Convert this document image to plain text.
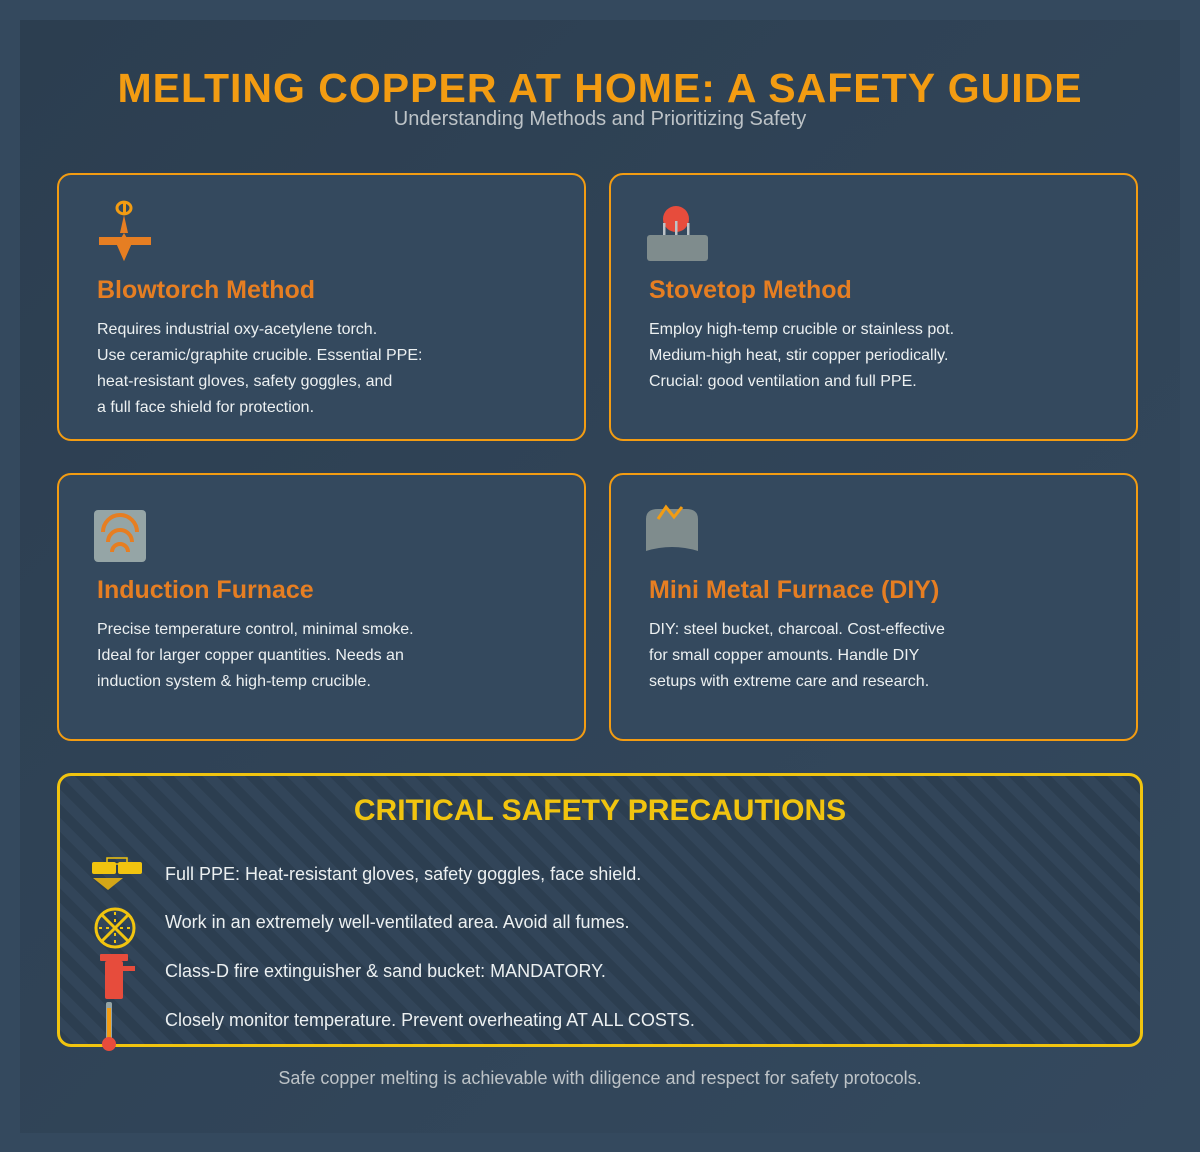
MELTING COPPER AT HOME: A SAFETY GUIDE
Understanding Methods and Prioritizing Safety
Blowtorch Method

Requires industrial oxy-acetylene torch.
Use ceramic/graphite crucible. Essential PPE:
heat-resistant gloves, safety goggles, and
a full face shield for protection.

Stovetop Method

Employ high-temp crucible or stainless pot.
Medium-high heat, stir copper periodically.
Crucial: good ventilation and full PPE.

Induction Furnace

Precise temperature control, minimal smoke.
Ideal for larger copper quantities. Needs an
induction system & high-temp crucible.

Mini Metal Furnace (DIY)

DIY: steel bucket, charcoal. Cost-effective
for small copper amounts. Handle DIY
setups with extreme care and research.

CRITICAL SAFETY PRECAUTIONS
Full PPE: Heat-resistant gloves, safety goggles, face shield.
Work in an extremely well-ventilated area. Avoid all fumes.
Class-D fire extinguisher & sand bucket: MANDATORY.
Closely monitor temperature. Prevent overheating AT ALL COSTS.
Safe copper melting is achievable with diligence and respect for safety protocols.
